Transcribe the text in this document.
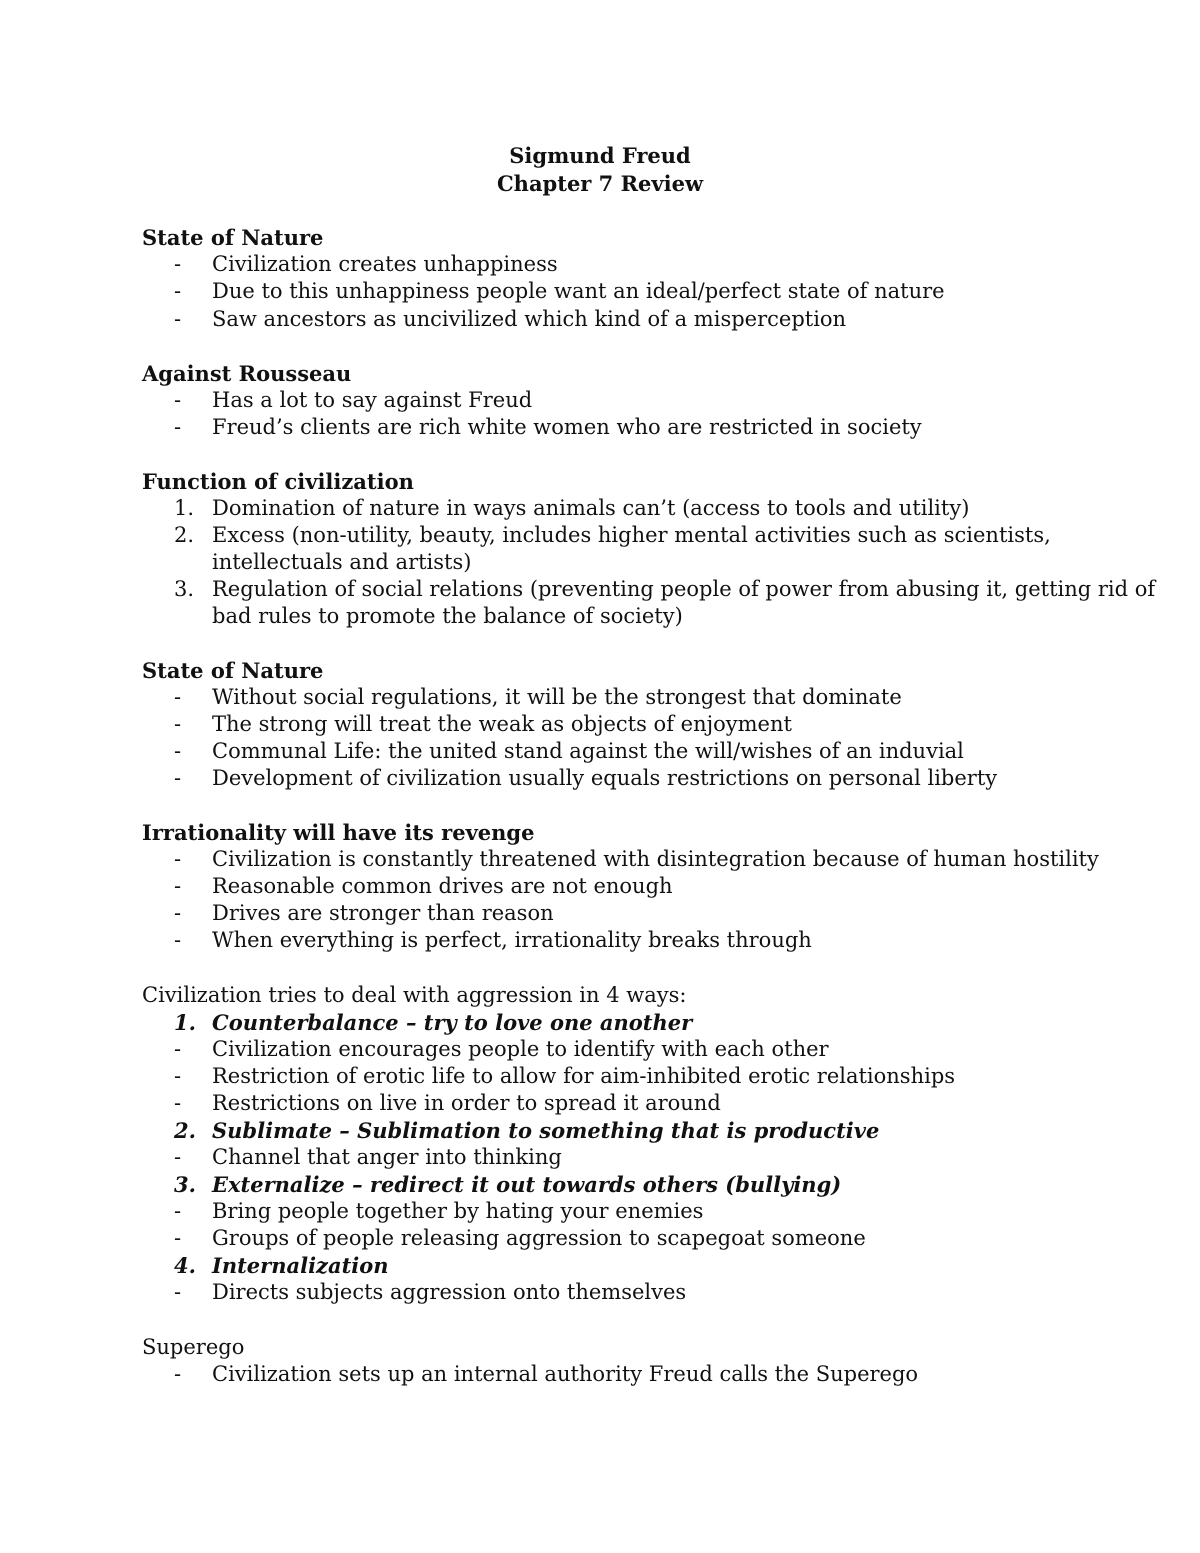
Sigmund Freud
Chapter 7 Review
State of Nature
-	Civilization creates unhappiness
-	Due to this unhappiness people want an ideal/perfect state of nature
-	Saw ancestors as uncivilized which kind of a misperception
Against Rousseau
-	Has a lot to say against Freud
-	Freud’s clients are rich white women who are restricted in society
Function of civilization
1. Domination of nature in ways animals can’t (access to tools and utility)
2. Excess (non-utility, beauty, includes higher mental activities such as scientists,
intellectuals and artists)
3. Regulation of social relations (preventing people of power from abusing it, getting rid of
bad rules to promote the balance of society)
State of Nature
-	Without social regulations, it will be the strongest that dominate
-	The strong will treat the weak as objects of enjoyment
-	Communal Life: the united stand against the will/wishes of an induvial
-	Development of civilization usually equals restrictions on personal liberty
Irrationality will have its revenge
-	Civilization is constantly threatened with disintegration because of human hostility
-	Reasonable common drives are not enough
-	Drives are stronger than reason
-	When everything is perfect, irrationality breaks through
Civilization tries to deal with aggression in 4 ways:
1. Counterbalance – try to love one another
-	Civilization encourages people to identify with each other
-	Restriction of erotic life to allow for aim-inhibited erotic relationships
-	Restrictions on live in order to spread it around
2. Sublimate – Sublimation to something that is productive
-	Channel that anger into thinking
3. Externalize – redirect it out towards others (bullying)
-	Bring people together by hating your enemies
-	Groups of people releasing aggression to scapegoat someone
4. Internalization
-	Directs subjects aggression onto themselves
Superego
-	Civilization sets up an internal authority Freud calls the Superego
